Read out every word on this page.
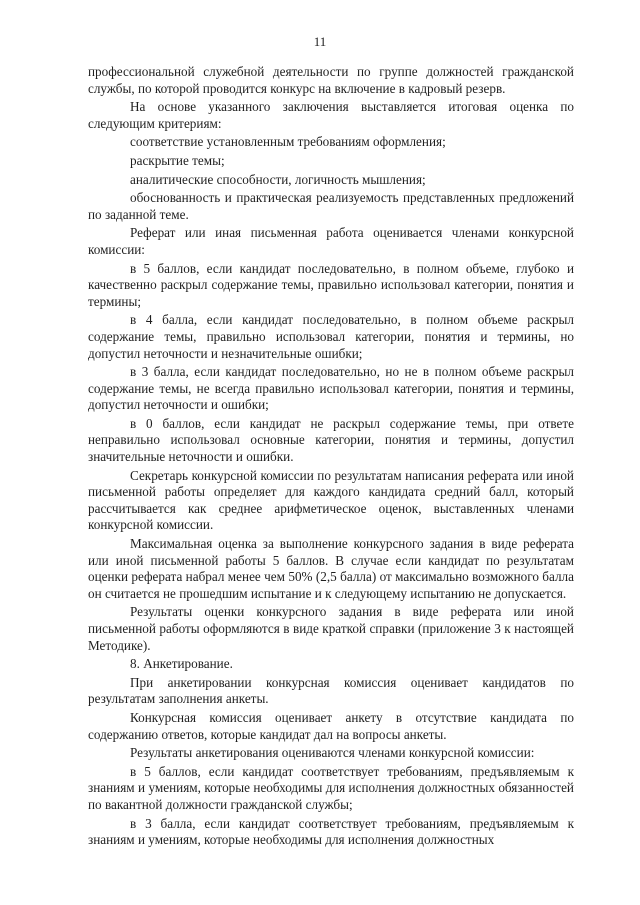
11

профессиональной служебной деятельности по группе должностей гражданской службы, по которой проводится конкурс на включение в кадровый резерв.

На основе указанного заключения выставляется итоговая оценка по следующим критериям:

соответствие установленным требованиям оформления;

раскрытие темы;

аналитические способности, логичность мышления;

обоснованность и практическая реализуемость представленных предложений по заданной теме.

Реферат или иная письменная работа оценивается членами конкурсной комиссии:

в 5 баллов, если кандидат последовательно, в полном объеме, глубоко и качественно раскрыл содержание темы, правильно использовал категории, понятия и термины;

в 4 балла, если кандидат последовательно, в полном объеме раскрыл содержание темы, правильно использовал категории, понятия и термины, но допустил неточности и незначительные ошибки;

в 3 балла, если кандидат последовательно, но не в полном объеме раскрыл содержание темы, не всегда правильно использовал категории, понятия и термины, допустил неточности и ошибки;

в 0 баллов, если кандидат не раскрыл содержание темы, при ответе неправильно использовал основные категории, понятия и термины, допустил значительные неточности и ошибки.

Секретарь конкурсной комиссии по результатам написания реферата или иной письменной работы определяет для каждого кандидата средний балл, который рассчитывается как среднее арифметическое оценок, выставленных членами конкурсной комиссии.

Максимальная оценка за выполнение конкурсного задания в виде реферата или иной письменной работы 5 баллов. В случае если кандидат по результатам оценки реферата набрал менее чем 50% (2,5 балла) от максимально возможного балла он считается не прошедшим испытание и к следующему испытанию не допускается.

Результаты оценки конкурсного задания в виде реферата или иной письменной работы оформляются в виде краткой справки (приложение 3 к настоящей Методике).

8. Анкетирование.

При анкетировании конкурсная комиссия оценивает кандидатов по результатам заполнения анкеты.

Конкурсная комиссия оценивает анкету в отсутствие кандидата по содержанию ответов, которые кандидат дал на вопросы анкеты.

Результаты анкетирования оцениваются членами конкурсной комиссии:

в 5 баллов, если кандидат соответствует требованиям, предъявляемым к знаниям и умениям, которые необходимы для исполнения должностных обязанностей по вакантной должности гражданской службы;

в 3 балла, если кандидат соответствует требованиям, предъявляемым к знаниям и умениям, которые необходимы для исполнения должностных
